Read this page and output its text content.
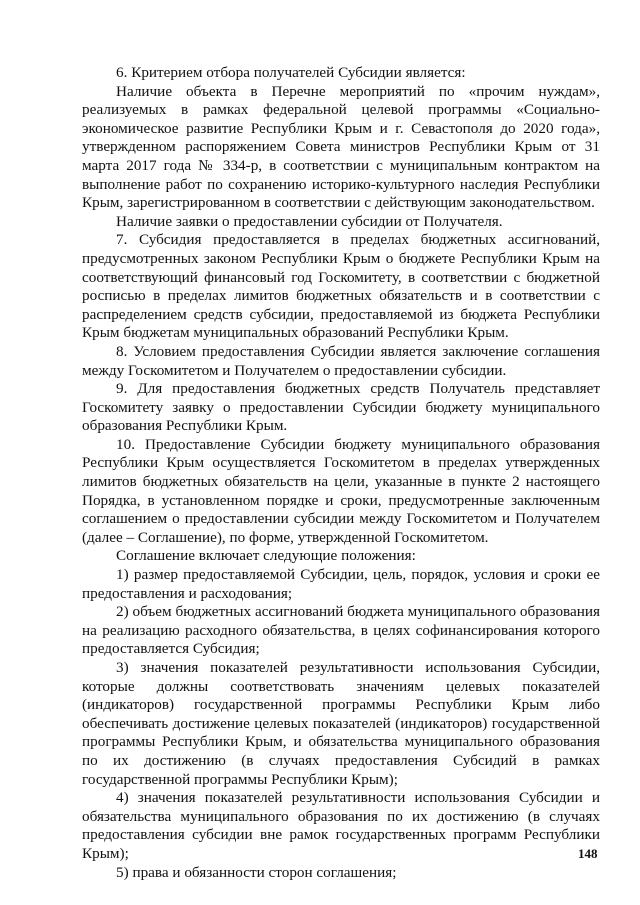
6. Критерием отбора получателей Субсидии является:

Наличие объекта в Перечне мероприятий по «прочим нуждам», реализуемых в рамках федеральной целевой программы «Социально-экономическое развитие Республики Крым и г. Севастополя до 2020 года», утвержденном распоряжением Совета министров Республики Крым от 31 марта 2017 года № 334-р, в соответствии с муниципальным контрактом на выполнение работ по сохранению историко-культурного наследия Республики Крым, зарегистрированном в соответствии с действующим законодательством.

Наличие заявки о предоставлении субсидии от Получателя.

7. Субсидия предоставляется в пределах бюджетных ассигнований, предусмотренных законом Республики Крым о бюджете Республики Крым на соответствующий финансовый год Госкомитету, в соответствии с бюджетной росписью в пределах лимитов бюджетных обязательств и в соответствии с распределением средств субсидии, предоставляемой из бюджета Республики Крым бюджетам муниципальных образований Республики Крым.

8. Условием предоставления Субсидии является заключение соглашения между Госкомитетом и Получателем о предоставлении субсидии.

9. Для предоставления бюджетных средств Получатель представляет Госкомитету заявку о предоставлении Субсидии бюджету муниципального образования Республики Крым.

10. Предоставление Субсидии бюджету муниципального образования Республики Крым осуществляется Госкомитетом в пределах утвержденных лимитов бюджетных обязательств на цели, указанные в пункте 2 настоящего Порядка, в установленном порядке и сроки, предусмотренные заключенным соглашением о предоставлении субсидии между Госкомитетом и Получателем (далее – Соглашение), по форме, утвержденной Госкомитетом.

Соглашение включает следующие положения:

1) размер предоставляемой Субсидии, цель, порядок, условия и сроки ее предоставления и расходования;

2) объем бюджетных ассигнований бюджета муниципального образования на реализацию расходного обязательства, в целях софинансирования которого предоставляется Субсидия;

3) значения показателей результативности использования Субсидии, которые должны соответствовать значениям целевых показателей (индикаторов) государственной программы Республики Крым либо обеспечивать достижение целевых показателей (индикаторов) государственной программы Республики Крым, и обязательства муниципального образования по их достижению (в случаях предоставления Субсидий в рамках государственной программы Республики Крым);

4) значения показателей результативности использования Субсидии и обязательства муниципального образования по их достижению (в случаях предоставления субсидии вне рамок государственных программ Республики Крым);

5) права и обязанности сторон соглашения;

148
